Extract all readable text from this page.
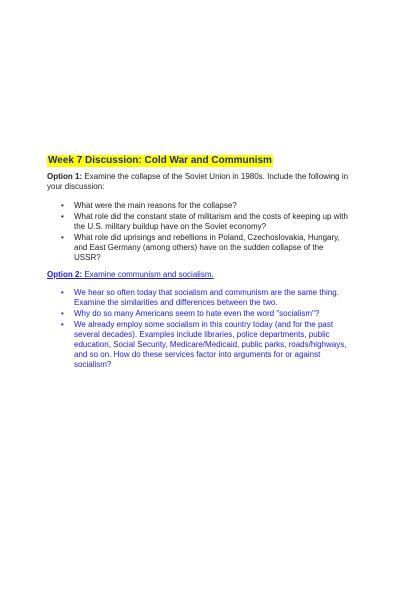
Week 7 Discussion: Cold War and Communism
Option 1: Examine the collapse of the Soviet Union in 1980s. Include the following in your discussion:
• What were the main reasons for the collapse?
• What role did the constant state of militarism and the costs of keeping up with the U.S. military buildup have on the Soviet economy?
• What role did uprisings and rebellions in Poland, Czechoslovakia, Hungary, and East Germany (among others) have on the sudden collapse of the USSR?
Option 2: Examine communism and socialism.
• We hear so often today that socialism and communism are the same thing. Examine the similarities and differences between the two.
• Why do so many Americans seem to hate even the word "socialism"?
• We already employ some socialism in this country today (and for the past several decades). Examples include libraries, police departments, public education, Social Security, Medicare/Medicaid, public parks, roads/highways, and so on. How do these services factor into arguments for or against socialism?
